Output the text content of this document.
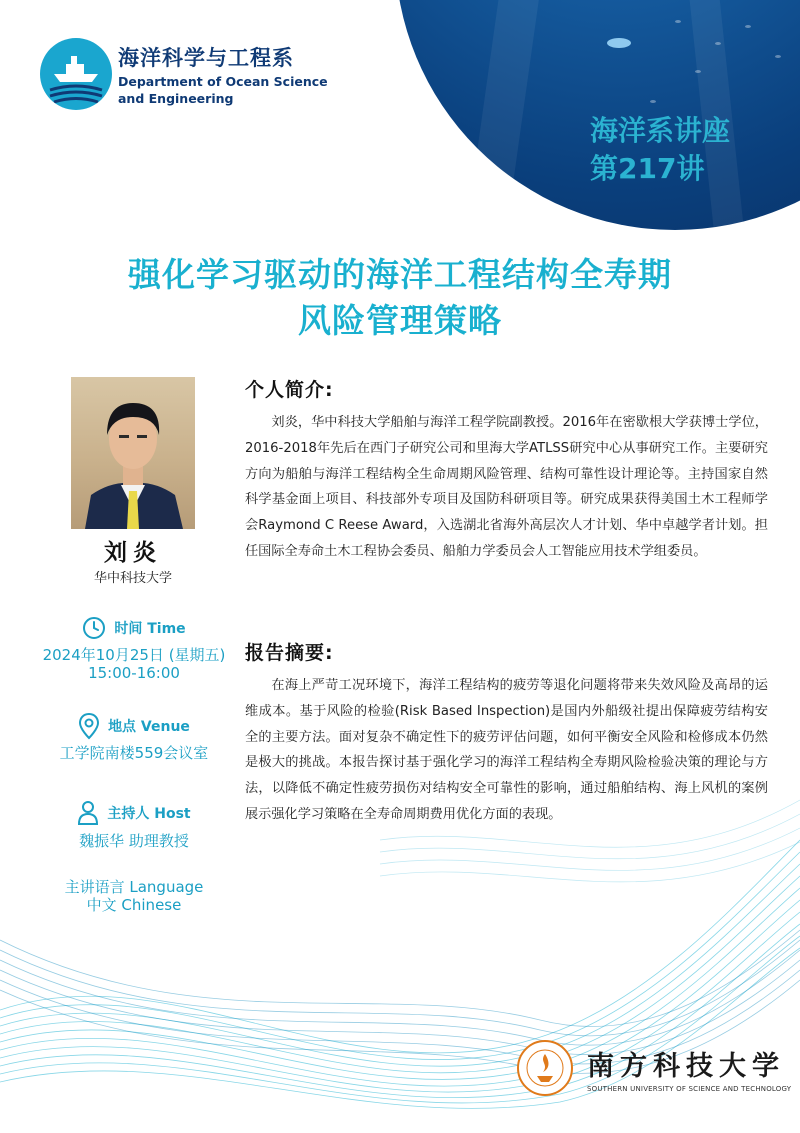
海洋科学与工程系
Department of Ocean Science
and Engineering
海洋系讲座
第217讲
强化学习驱动的海洋工程结构全寿期
风险管理策略
刘炎
华中科技大学
时间 Time
2024年10月25日 (星期五)
15:00-16:00
地点 Venue
工学院南楼559会议室
主持人 Host
魏振华 助理教授
主讲语言 Language
中文 Chinese
个人简介:
刘炎，华中科技大学船舶与海洋工程学院副教授。2016年在密歇根大学获博士学位，2016-2018年先后在西门子研究公司和里海大学ATLSS研究中心从事研究工作。主要研究方向为船舶与海洋工程结构全生命周期风险管理、结构可靠性设计理论等。主持国家自然科学基金面上项目、科技部外专项目及国防科研项目等。研究成果获得美国土木工程师学会Raymond C Reese Award，入选湖北省海外高层次人才计划、华中卓越学者计划。担任国际全寿命土木工程协会委员、船舶力学委员会人工智能应用技术学组委员。
报告摘要:
在海上严苛工况环境下，海洋工程结构的疲劳等退化问题将带来失效风险及高昂的运维成本。基于风险的检验(Risk Based Inspection)是国内外船级社提出保障疲劳结构安全的主要方法。面对复杂不确定性下的疲劳评估问题，如何平衡安全风险和检修成本仍然是极大的挑战。本报告探讨基于强化学习的海洋工程结构全寿期风险检验决策的理论与方法，以降低不确定性疲劳损伤对结构安全可靠性的影响，通过船舶结构、海上风机的案例展示强化学习策略在全寿命周期费用优化方面的表现。
南方科技大学
SOUTHERN UNIVERSITY OF SCIENCE AND TECHNOLOGY
